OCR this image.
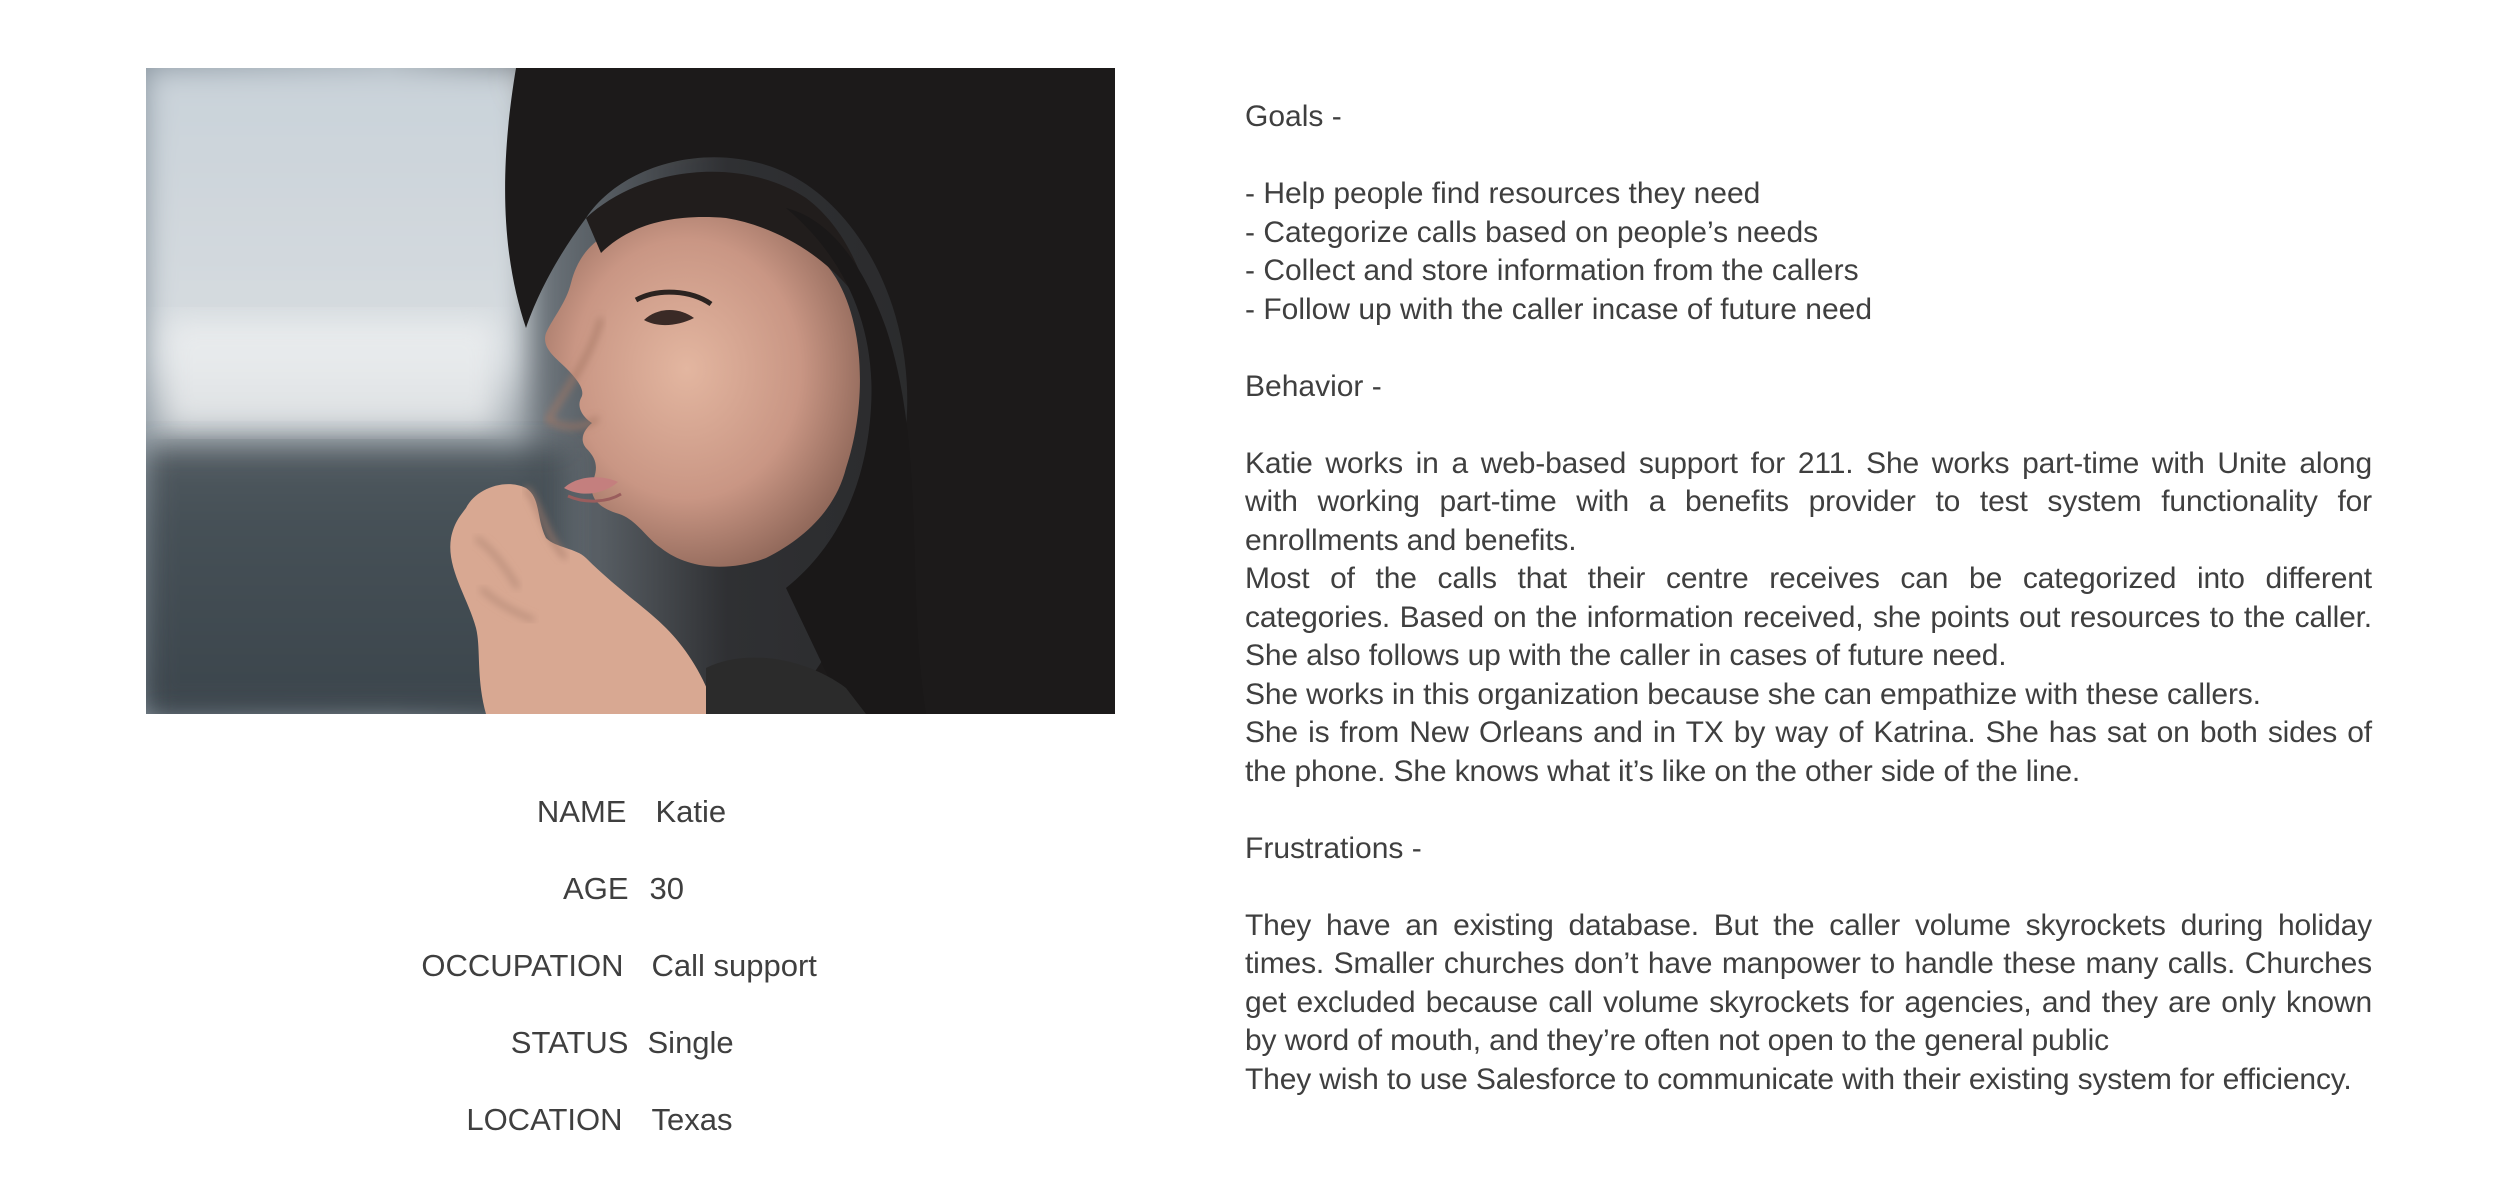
NAME Katie
AGE 30
OCCUPATION Call support
STATUS Single
LOCATION Texas

Goals -

- Help people find resources they need

- Categorize calls based on people’s needs

- Collect and store information from the callers

- Follow up with the caller incase of future need

Behavior -

Katie works in a web-based support for 211. She works part-time with Unite along with working part-time with a benefits provider to test system functionality for enrollments and benefits.

Most of the calls that their centre receives can be categorized into different categories. Based on the information received, she points out resources to the caller. She also follows up with the caller in cases of future need.

She works in this organization because she can empathize with these callers.

She is from New Orleans and in TX by way of Katrina. She has sat on both sides of the phone. She knows what it’s like on the other side of the line.

Frustrations -

They have an existing database. But the caller volume skyrockets during holiday times. Smaller churches don’t have manpower to handle these many calls. Churches get excluded because call volume skyrockets for agencies, and they are only known by word of mouth, and they’re often not open to the general public

They wish to use Salesforce to communicate with their existing system for efficiency.
